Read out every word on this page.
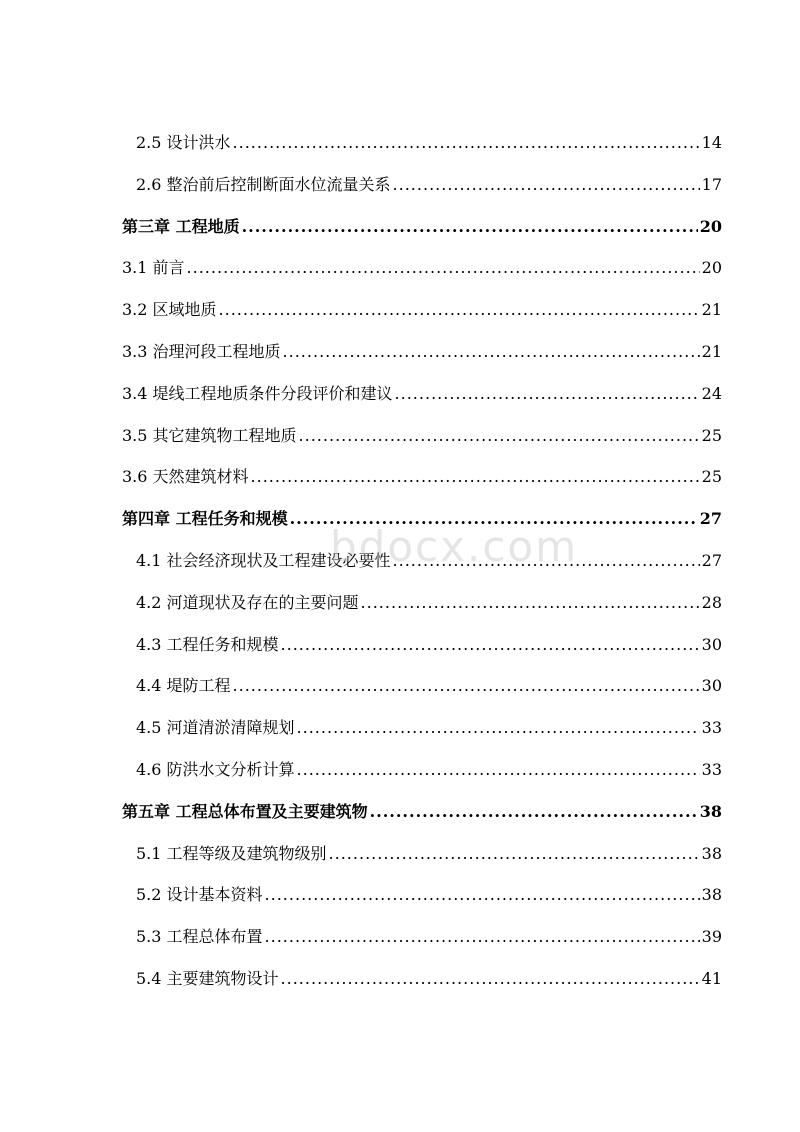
2.5 设计洪水 .....	14
2.6 整治前后控制断面水位流量关系 .....	17
第三章 工程地质 .....	20
3.1 前言 .....	20
3.2 区域地质 .....	21
3.3 治理河段工程地质 .....	21
3.4 堤线工程地质条件分段评价和建议 .....	24
3.5 其它建筑物工程地质 .....	25
3.6 天然建筑材料 .....	25
第四章 工程任务和规模 .....	27
4.1 社会经济现状及工程建设必要性 .....	27
4.2 河道现状及存在的主要问题 .....	28
4.3 工程任务和规模 .....	30
4.4 堤防工程 .....	30
4.5 河道清淤清障规划 .....	33
4.6 防洪水文分析计算 .....	33
第五章 工程总体布置及主要建筑物 .....	38
5.1 工程等级及建筑物级别 .....	38
5.2 设计基本资料 .....	38
5.3 工程总体布置 .....	39
5.4 主要建筑物设计 .....	41
bdocx.com
